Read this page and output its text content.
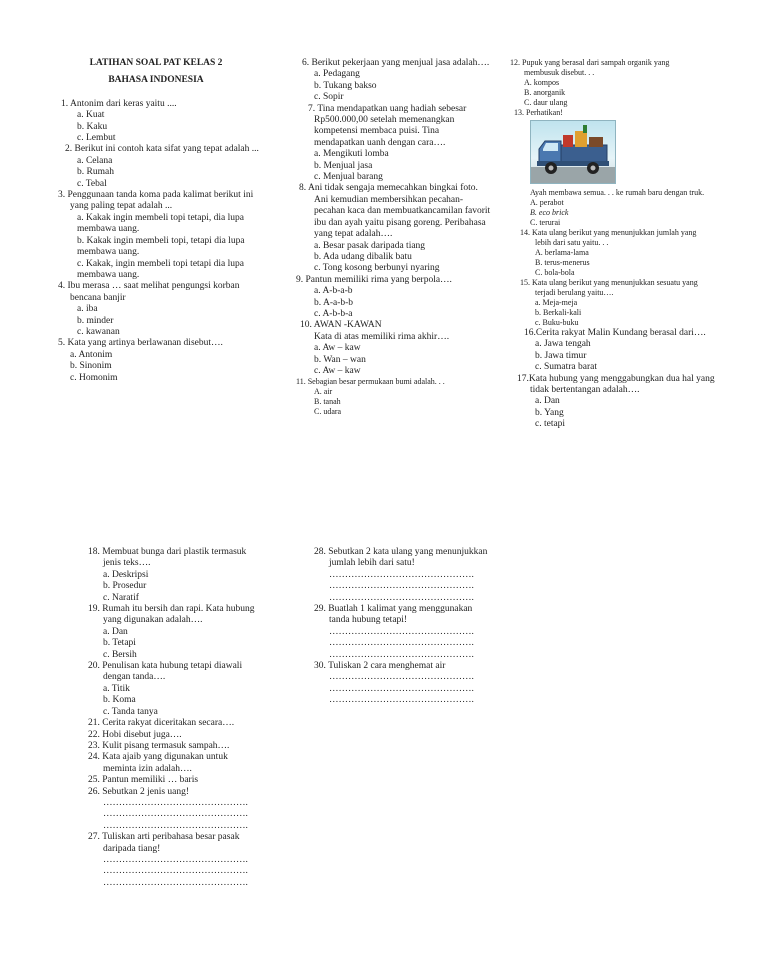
LATIHAN SOAL PAT KELAS 2
BAHASA INDONESIA
1. Antonim dari keras yaitu ....
a. Kuat
b. Kaku
c. Lembut
2. Berikut ini contoh kata sifat yang tepat adalah ...
a. Celana
b. Rumah
c. Tebal
3. Penggunaan tanda koma pada kalimat berikut ini
yang paling tepat adalah ...
a. Kakak ingin membeli topi tetapi, dia lupa
membawa uang.
b. Kakak ingin membeli topi, tetapi dia lupa
membawa uang.
c. Kakak, ingin membeli topi tetapi dia lupa
membawa uang.
4. Ibu merasa … saat melihat pengungsi korban
bencana banjir
a. iba
b. minder
c. kawanan
5. Kata yang artinya berlawanan disebut….
a. Antonim
b. Sinonim
c. Homonim
6. Berikut pekerjaan yang menjual jasa adalah….
a. Pedagang
b. Tukang bakso
c. Sopir
7. Tina mendapatkan uang hadiah sebesar
Rp500.000,00 setelah memenangkan
kompetensi membaca puisi. Tina
mendapatkan uanh dengan cara….
a. Mengikuti lomba
b. Menjual jasa
c. Menjual barang
8. Ani tidak sengaja memecahkan bingkai foto.
Ani kemudian membersihkan pecahan-
pecahan kaca dan membuatkancamilan favorit
ibu dan ayah yaitu pisang goreng. Peribahasa
yang tepat adalah….
a. Besar pasak daripada tiang
b. Ada udang dibalik batu
c. Tong kosong berbunyi nyaring
9. Pantun memiliki rima yang berpola….
a. A-b-a-b
b. A-a-b-b
c. A-b-b-a
10. AWAN -KAWAN
Kata di atas memiliki rima akhir….
a. Aw – kaw
b. Wan – wan
c. Aw – kaw
11. Sebagian besar permukaan bumi adalah. . .
A. air
B. tanah
C. udara
12. Pupuk yang berasal dari sampah organik yang
membusuk disebut. . .
A. kompos
B. anorganik
C. daur ulang
13. Perhatikan!
Ayah membawa semua. . . ke rumah baru dengan truk.
A. perabot
B. eco brick
C. terurai
14. Kata ulang berikut yang menunjukkan jumlah yang
lebih dari satu yaitu. . .
A. berlama-lama
B. terus-menerus
C. bola-bola
15. Kata ulang berikut yang menunjukkan sesuatu yang
terjadi berulang yaitu….
a. Meja-meja
b. Berkali-kali
c. Buku-buku
16.Cerita rakyat Malin Kundang berasal dari….
a. Jawa tengah
b. Jawa timur
c. Sumatra barat
17.Kata hubung yang menggabungkan dua hal yang
tidak bertentangan adalah….
a. Dan
b. Yang
c. tetapi
18. Membuat bunga dari plastik termasuk
jenis teks….
a. Deskripsi
b. Prosedur
c. Naratif
19. Rumah itu bersih dan rapi. Kata hubung
yang digunakan adalah….
a. Dan
b. Tetapi
c. Bersih
20. Penulisan kata hubung tetapi diawali
dengan tanda….
a. Titik
b. Koma
c. Tanda tanya
21. Cerita rakyat diceritakan secara….
22. Hobi disebut juga….
23. Kulit pisang termasuk sampah….
24. Kata ajaib yang digunakan untuk
meminta izin adalah….
25. Pantun memiliki … baris
26. Sebutkan 2 jenis uang!
……………………………………….
……………………………………….
……………………………………….
27. Tuliskan arti peribahasa besar pasak
daripada tiang!
……………………………………….
……………………………………….
……………………………………….
28. Sebutkan 2 kata ulang yang menunjukkan
jumlah lebih dari satu!
……………………………………….
……………………………………….
……………………………………….
29. Buatlah 1 kalimat yang menggunakan
tanda hubung tetapi!
……………………………………….
……………………………………….
……………………………………….
30. Tuliskan 2 cara menghemat air
……………………………………….
……………………………………….
……………………………………….
